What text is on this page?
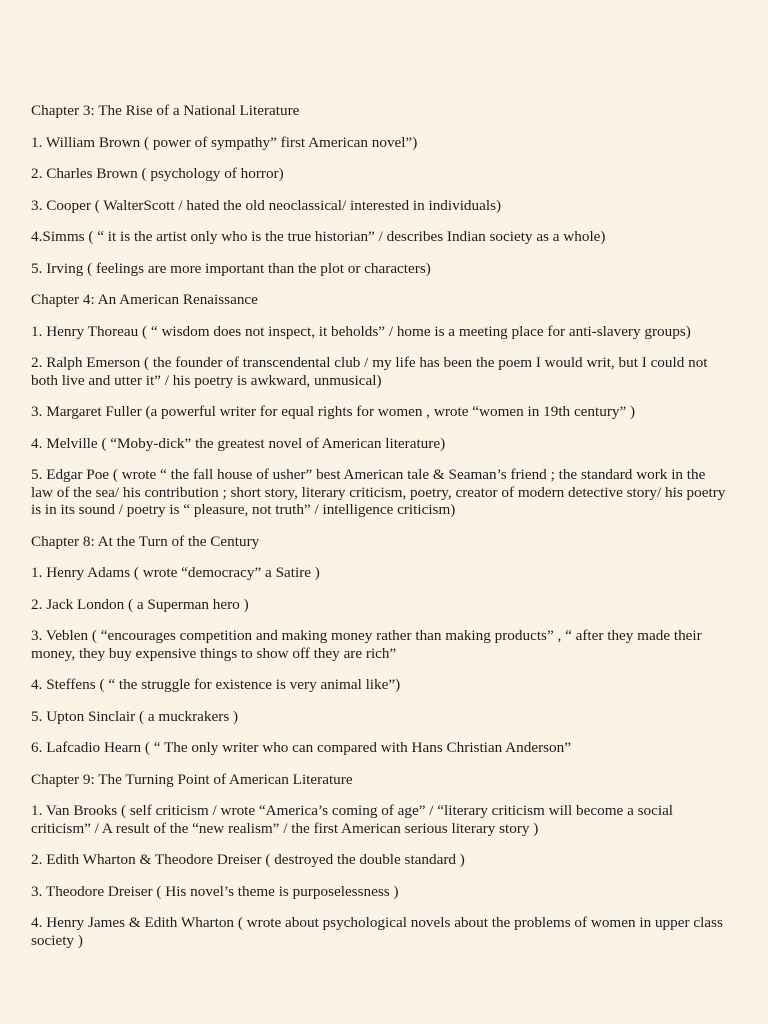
Chapter 3: The Rise of a National Literature

1. William Brown ( power of sympathy” first American novel”)

2. Charles Brown ( psychology of horror)

3. Cooper ( WalterScott / hated the old neoclassical/ interested in individuals)

4.Simms ( “ it is the artist only who is the true historian” / describes Indian society as a whole)

5. Irving ( feelings are more important than the plot or characters)

Chapter 4: An American Renaissance

1. Henry Thoreau ( “ wisdom does not inspect, it beholds” / home is a meeting place for anti-slavery groups)

2. Ralph Emerson ( the founder of transcendental club / my life has been the poem I would writ, but I could not both live and utter it” / his poetry is awkward, unmusical)

3. Margaret Fuller (a powerful writer for equal rights for women , wrote “women in 19th century” )

4. Melville ( “Moby-dick” the greatest novel of American literature)

5. Edgar Poe ( wrote “ the fall house of usher” best American tale & Seaman’s friend ; the standard work in the law of the sea/ his contribution ; short story, literary criticism, poetry, creator of modern detective story/ his poetry is in its sound / poetry is “ pleasure, not truth” / intelligence criticism)

Chapter 8: At the Turn of the Century

1. Henry Adams ( wrote “democracy” a Satire )

2. Jack London ( a Superman hero )

3. Veblen ( “encourages competition and making money rather than making products” , “ after they made their money, they buy expensive things to show off they are rich”

4. Steffens ( “ the struggle for existence is very animal like”)

5. Upton Sinclair ( a muckrakers )

6. Lafcadio Hearn ( “ The only writer who can compared with Hans Christian Anderson”

Chapter 9: The Turning Point of American Literature

1. Van Brooks ( self criticism / wrote “America’s coming of age” / “literary criticism will become a social criticism” / A result of the “new realism” / the first American serious literary story )

2. Edith Wharton & Theodore Dreiser ( destroyed the double standard )

3. Theodore Dreiser ( His novel’s theme is purposelessness )

4. Henry James & Edith Wharton ( wrote about psychological novels about the problems of women in upper class society )
